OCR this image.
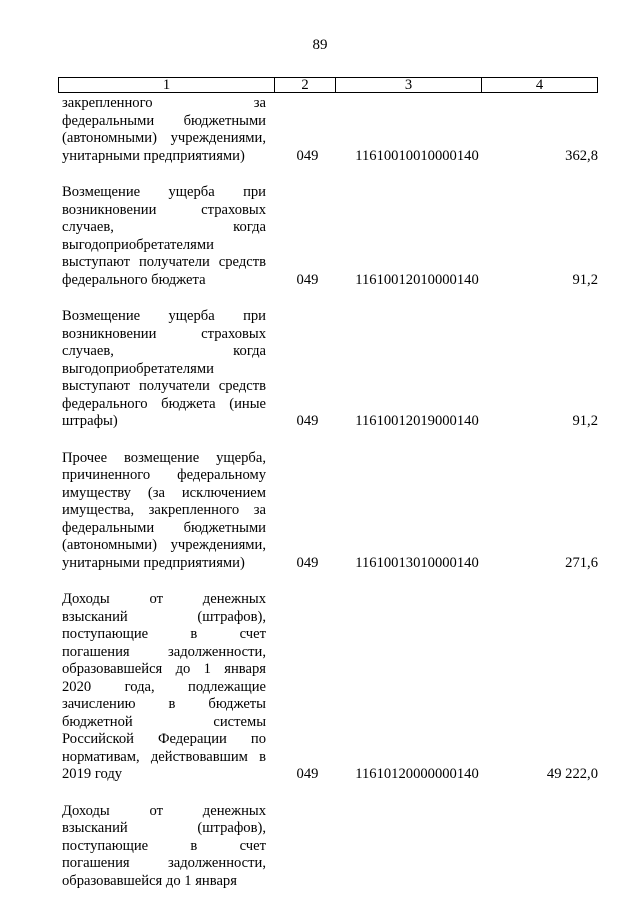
89
1	2	3	4
закрепленного за
федеральными бюджетными
(автономными) учреждениями,
унитарными предприятиями)	049	11610010010000140	362,8
Возмещение ущерба при
возникновении страховых
случаев, когда
выгодоприобретателями
выступают получатели средств
федерального бюджета	049	11610012010000140	91,2
Возмещение ущерба при
возникновении страховых
случаев, когда
выгодоприобретателями
выступают получатели средств
федерального бюджета (иные
штрафы)	049	11610012019000140	91,2
Прочее возмещение ущерба,
причиненного федеральному
имуществу (за исключением
имущества, закрепленного за
федеральными бюджетными
(автономными) учреждениями,
унитарными предприятиями)	049	11610013010000140	271,6
Доходы от денежных
взысканий (штрафов),
поступающие в счет
погашения задолженности,
образовавшейся до 1 января
2020 года, подлежащие
зачислению в бюджеты
бюджетной системы
Российской Федерации по
нормативам, действовавшим в
2019 году	049	11610120000000140	49 222,0
Доходы от денежных
взысканий (штрафов),
поступающие в счет
погашения задолженности,
образовавшейся до 1 января
